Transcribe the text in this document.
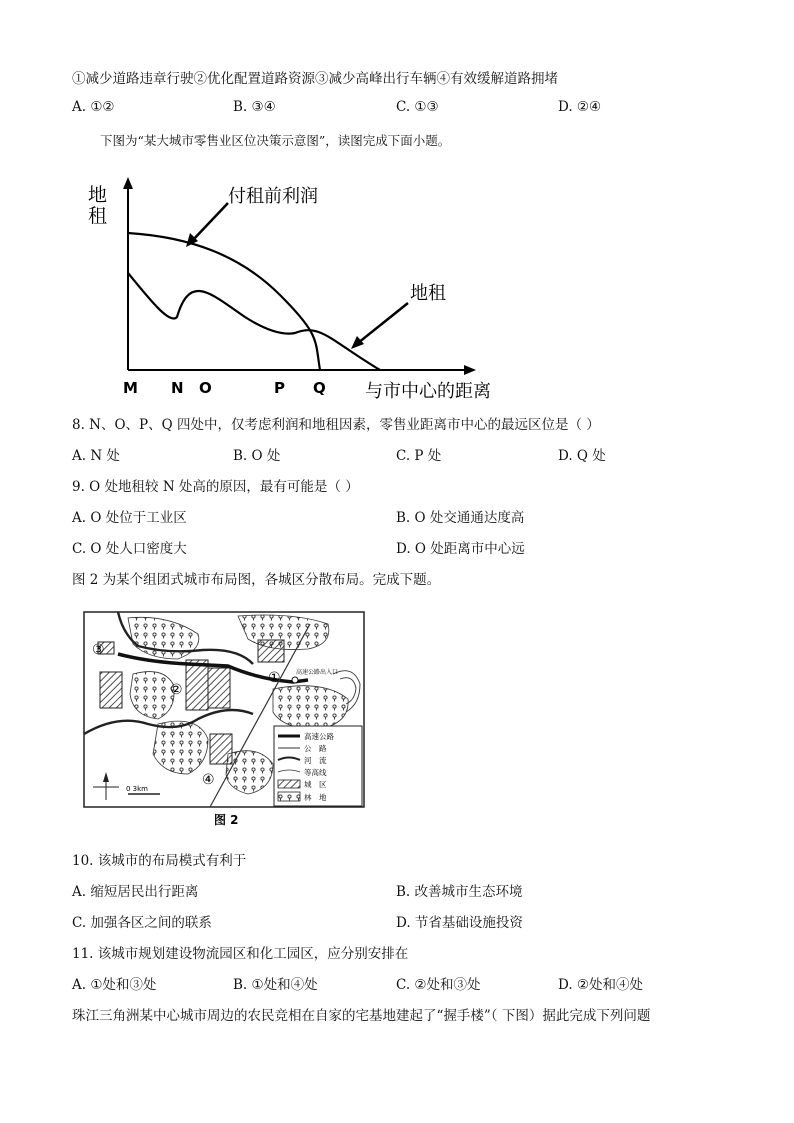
①减少道路违章行驶②优化配置道路资源③减少高峰出行车辆④有效缓解道路拥堵
A. ①②	B. ③④	C. ①③	D. ②④
下图为“某大城市零售业区位决策示意图”，读图完成下面小题。
地
租
付租前利润
地租
M N O	P Q 与市中心的距离
8. N、O、P、Q 四处中，仅考虑利润和地租因素，零售业距离市中心的最远区位是（ ）
A. N 处	B. O 处	C. P 处	D. Q 处
9. O 处地租较 N 处高的原因，最有可能是（ ）
A. O 处位于工业区	B. O 处交通通达度高
C. O 处人口密度大	D. O 处距离市中心远
图 2 为某个组团式城市布局图，各城区分散布局。完成下题。
高速公路出入口
③
②
①
④
高速公路
公　路
河　流
等高线
城　区
林　地
0 3km
图 2
10. 该城市的布局模式有利于
A. 缩短居民出行距离	B. 改善城市生态环境
C. 加强各区之间的联系	D. 节省基础设施投资
11. 该城市规划建设物流园区和化工园区，应分别安排在
A. ①处和③处	B. ①处和④处	C. ②处和③处	D. ②处和④处
珠江三角洲某中心城市周边的农民竞相在自家的宅基地建起了“握手楼”（ 下图）据此完成下列问题
